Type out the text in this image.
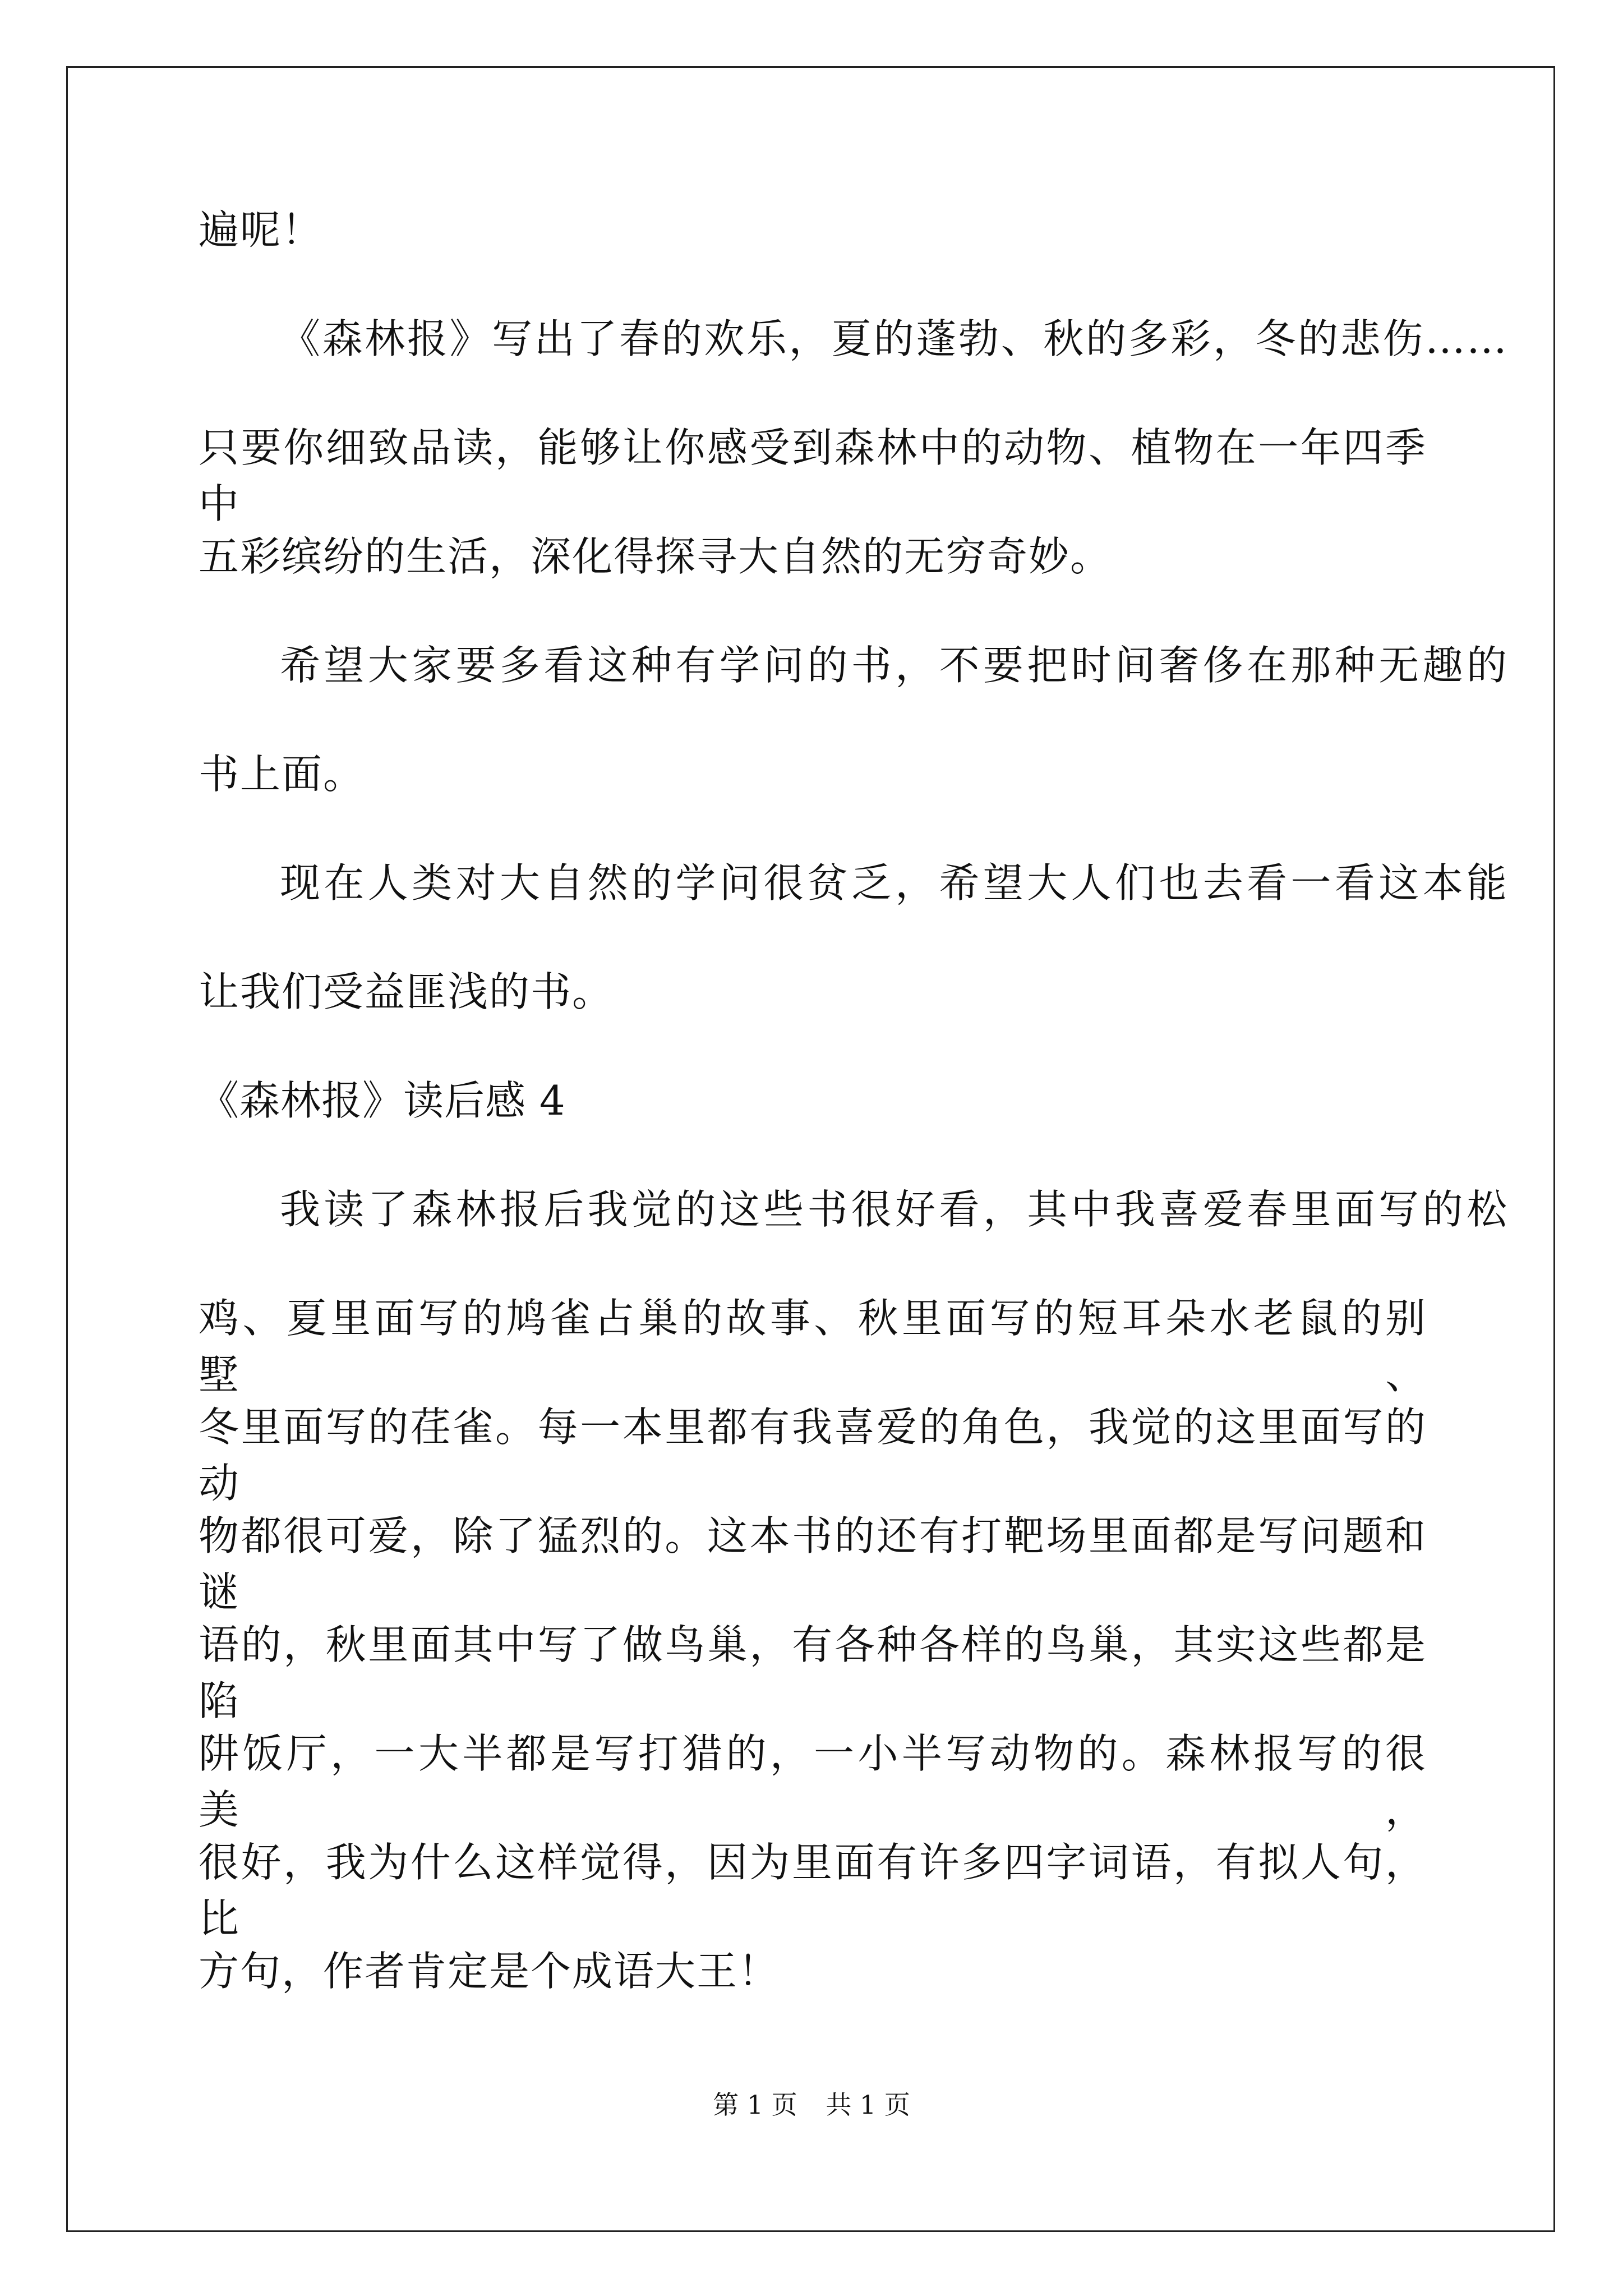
遍呢！
《森林报》写出了春的欢乐，夏的蓬勃、秋的多彩，冬的悲伤……
只要你细致品读，能够让你感受到森林中的动物、植物在一年四季中
五彩缤纷的生活，深化得探寻大自然的无穷奇妙。
希望大家要多看这种有学问的书，不要把时间奢侈在那种无趣的
书上面。
现在人类对大自然的学问很贫乏，希望大人们也去看一看这本能
让我们受益匪浅的书。
《森林报》读后感 4
我读了森林报后我觉的这些书很好看，其中我喜爱春里面写的松
鸡、夏里面写的鸠雀占巢的故事、秋里面写的短耳朵水老鼠的别墅、
冬里面写的荏雀。每一本里都有我喜爱的角色，我觉的这里面写的动
物都很可爱，除了猛烈的。这本书的还有打靶场里面都是写问题和谜
语的，秋里面其中写了做鸟巢，有各种各样的鸟巢，其实这些都是陷
阱饭厅，一大半都是写打猎的，一小半写动物的。森林报写的很美，
很好，我为什么这样觉得，因为里面有许多四字词语，有拟人句，比
方句，作者肯定是个成语大王！
第 1 页 共 1 页
